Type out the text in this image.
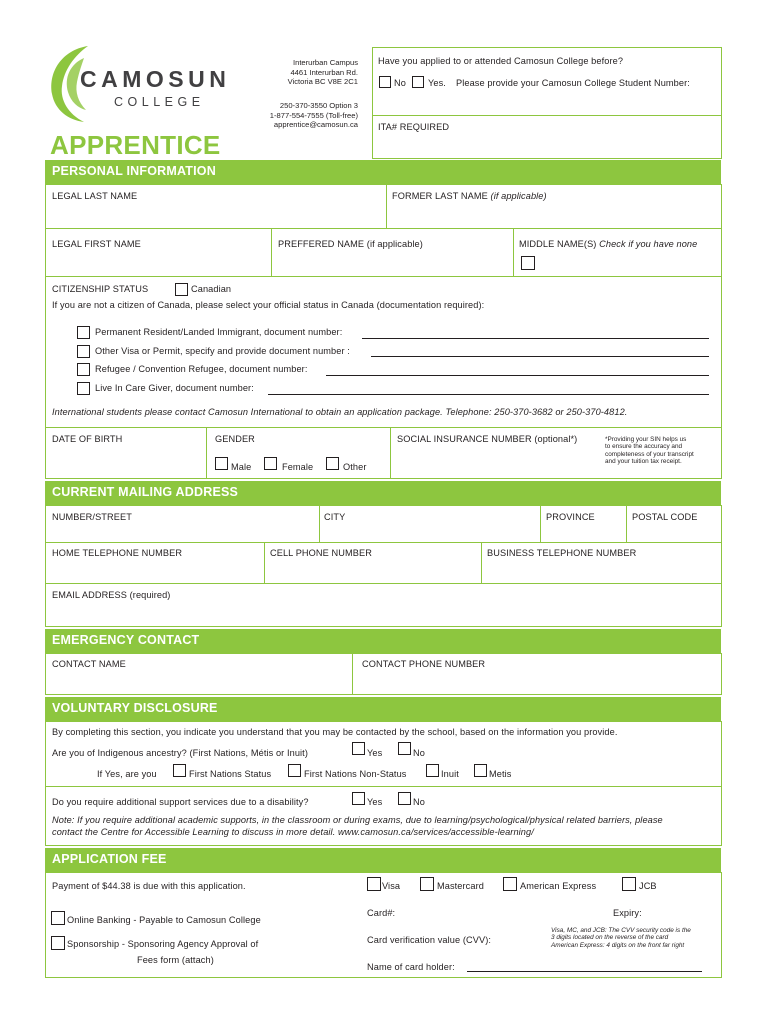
CAMOSUN
COLLEGE
APPRENTICE
Interurban Campus
4461 Interurban Rd.
Victoria BC V8E 2C1
250-370-3550 Option 3
1-877-554-7555 (Toll-free)
apprentice@camosun.ca
Have you applied to or attended Camosun College before?
No Yes. Please provide your Camosun College Student Number:
ITA# REQUIRED
PERSONAL INFORMATION
LEGAL LAST NAME	FORMER LAST NAME (if applicable)
LEGAL FIRST NAME	PREFFERED NAME (if applicable)	MIDDLE NAME(S) Check if you have none
CITIZENSHIP STATUS	Canadian
If you are not a citizen of Canada, please select your official status in Canada (documentation required):
Permanent Resident/Landed Immigrant, document number:
Other Visa or Permit, specify and provide document number :
Refugee / Convention Refugee, document number:
Live In Care Giver, document number:
International students please contact Camosun International to obtain an application package. Telephone: 250-370-3682 or 250-370-4812.
DATE OF BIRTH	GENDER
Male	Female	Other
SOCIAL INSURANCE NUMBER (optional*)	*Providing your SIN helps us
to ensure the accuracy and
completeness of your transcript
and your tuition tax receipt.
CURRENT MAILING ADDRESS
NUMBER/STREET	CITY	PROVINCE	POSTAL CODE
HOME TELEPHONE NUMBER	CELL PHONE NUMBER	BUSINESS TELEPHONE NUMBER
EMAIL ADDRESS (required)
EMERGENCY CONTACT
CONTACT NAME	CONTACT PHONE NUMBER
VOLUNTARY DISCLOSURE
By completing this section, you indicate you understand that you may be contacted by the school, based on the information you provide.
Are you of Indigenous ancestry? (First Nations, Métis or Inuit)	Yes	No
If Yes, are you	First Nations Status	First Nations Non-Status	Inuit	Metis
Do you require additional support services due to a disability?	Yes	No
Note: If you require additional academic supports, in the classroom or during exams, due to learning/psychological/physical related barriers, please
contact the Centre for Accessible Learning to discuss in more detail. www.camosun.ca/services/accessible-learning/
APPLICATION FEE
Payment of $44.38 is due with this application.	Visa	Mastercard	American Express	JCB
Online Banking - Payable to Camosun College
Sponsorship - Sponsoring Agency Approval of
Fees form (attach)
Card#:	Expiry:
Card verification value (CVV):
Visa, MC, and JCB: The CVV security code is the
3 digits located on the reverse of the card
American Express: 4 digits on the front far right
Name of card holder:
